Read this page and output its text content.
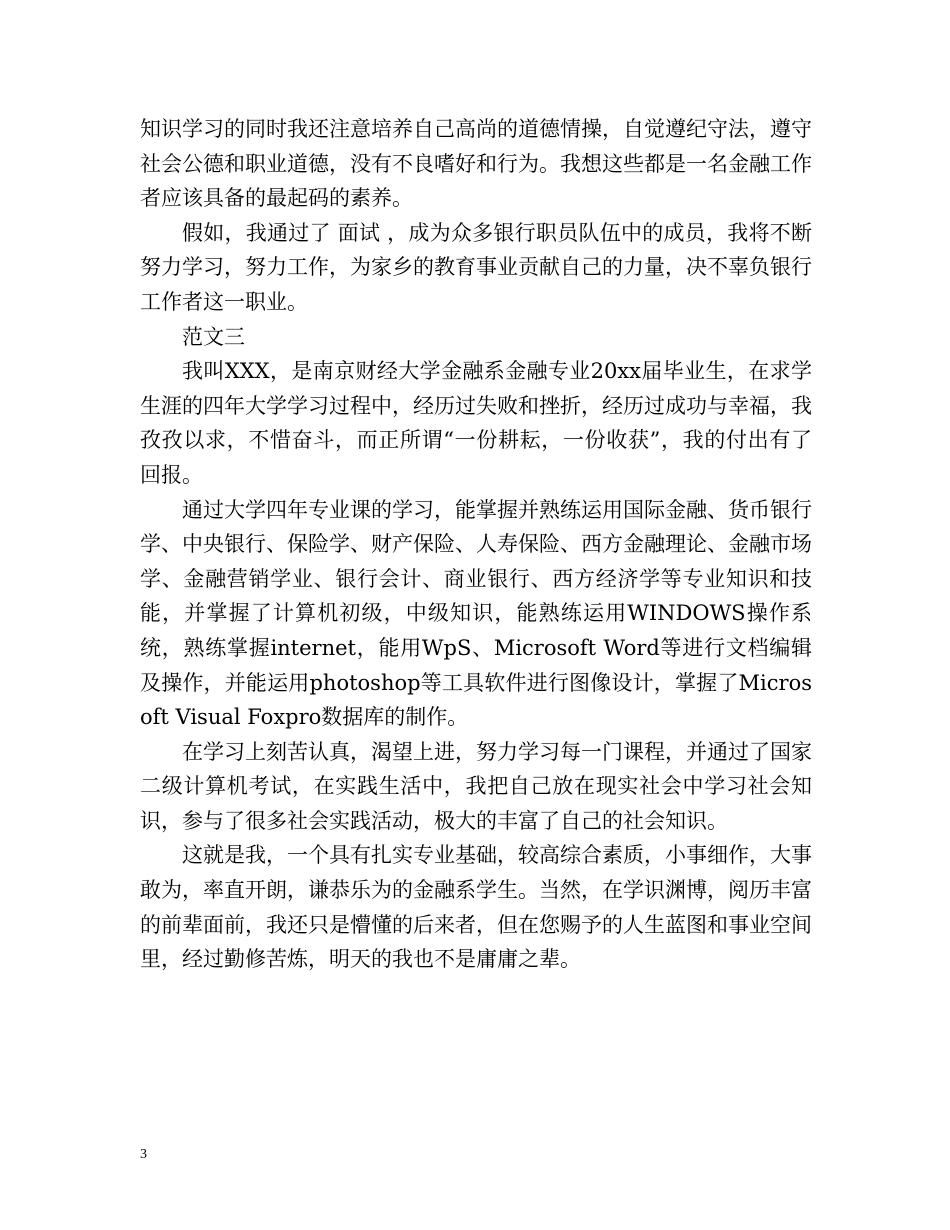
知识学习的同时我还注意培养自己高尚的道德情操，自觉遵纪守法，遵守社会公德和职业道德，没有不良嗜好和行为。我想这些都是一名金融工作者应该具备的最起码的素养。

假如，我通过了 面试 ，成为众多银行职员队伍中的成员，我将不断努力学习，努力工作，为家乡的教育事业贡献自己的力量，决不辜负银行工作者这一职业。

范文三

我叫XXX，是南京财经大学金融系金融专业20xx届毕业生，在求学生涯的四年大学学习过程中，经历过失败和挫折，经历过成功与幸福，我孜孜以求，不惜奋斗，而正所谓“一份耕耘，一份收获”，我的付出有了回报。

通过大学四年专业课的学习，能掌握并熟练运用国际金融、货币银行学、中央银行、保险学、财产保险、人寿保险、西方金融理论、金融市场学、金融营销学业、银行会计、商业银行、西方经济学等专业知识和技能，并掌握了计算机初级，中级知识，能熟练运用WINDOWS操作系统，熟练掌握internet，能用WpS、Microsoft Word等进行文档编辑及操作，并能运用photoshop等工具软件进行图像设计，掌握了Microsoft Visual Foxpro数据库的制作。

在学习上刻苦认真，渴望上进，努力学习每一门课程，并通过了国家二级计算机考试，在实践生活中，我把自己放在现实社会中学习社会知识，参与了很多社会实践活动，极大的丰富了自己的社会知识。

这就是我，一个具有扎实专业基础，较高综合素质，小事细作，大事敢为，率直开朗，谦恭乐为的金融系学生。当然，在学识渊博，阅历丰富的前辈面前，我还只是懵懂的后来者，但在您赐予的人生蓝图和事业空间里，经过勤修苦炼，明天的我也不是庸庸之辈。

3
